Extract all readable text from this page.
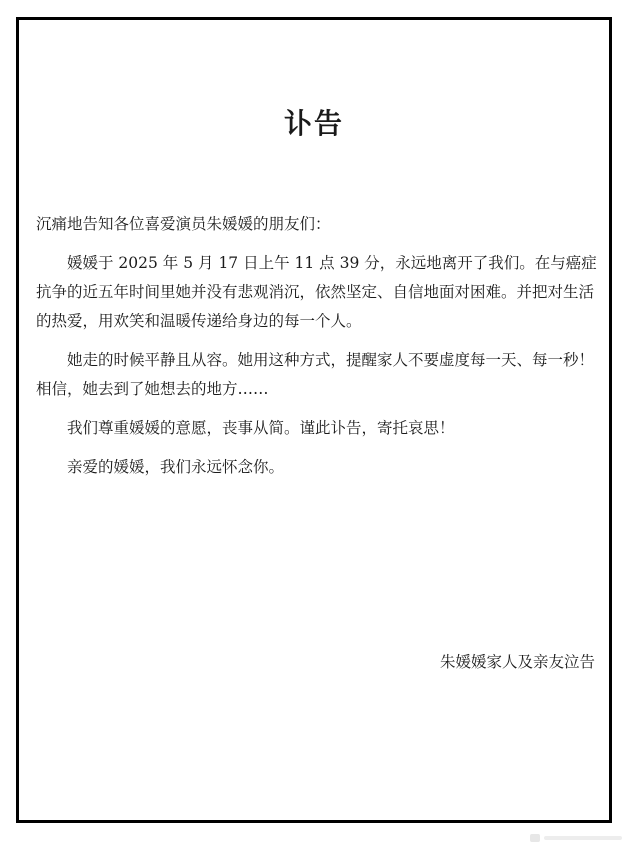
讣告

沉痛地告知各位喜爱演员朱媛媛的朋友们：

媛媛于 2025 年 5 月 17 日上午 11 点 39 分，永远地离开了我们。在与癌症抗争的近五年时间里她并没有悲观消沉，依然坚定、自信地面对困难。并把对生活的热爱，用欢笑和温暖传递给身边的每一个人。

她走的时候平静且从容。她用这种方式，提醒家人不要虚度每一天、每一秒！相信，她去到了她想去的地方……

我们尊重媛媛的意愿，丧事从简。谨此讣告，寄托哀思！

亲爱的媛媛，我们永远怀念你。

朱媛媛家人及亲友泣告
